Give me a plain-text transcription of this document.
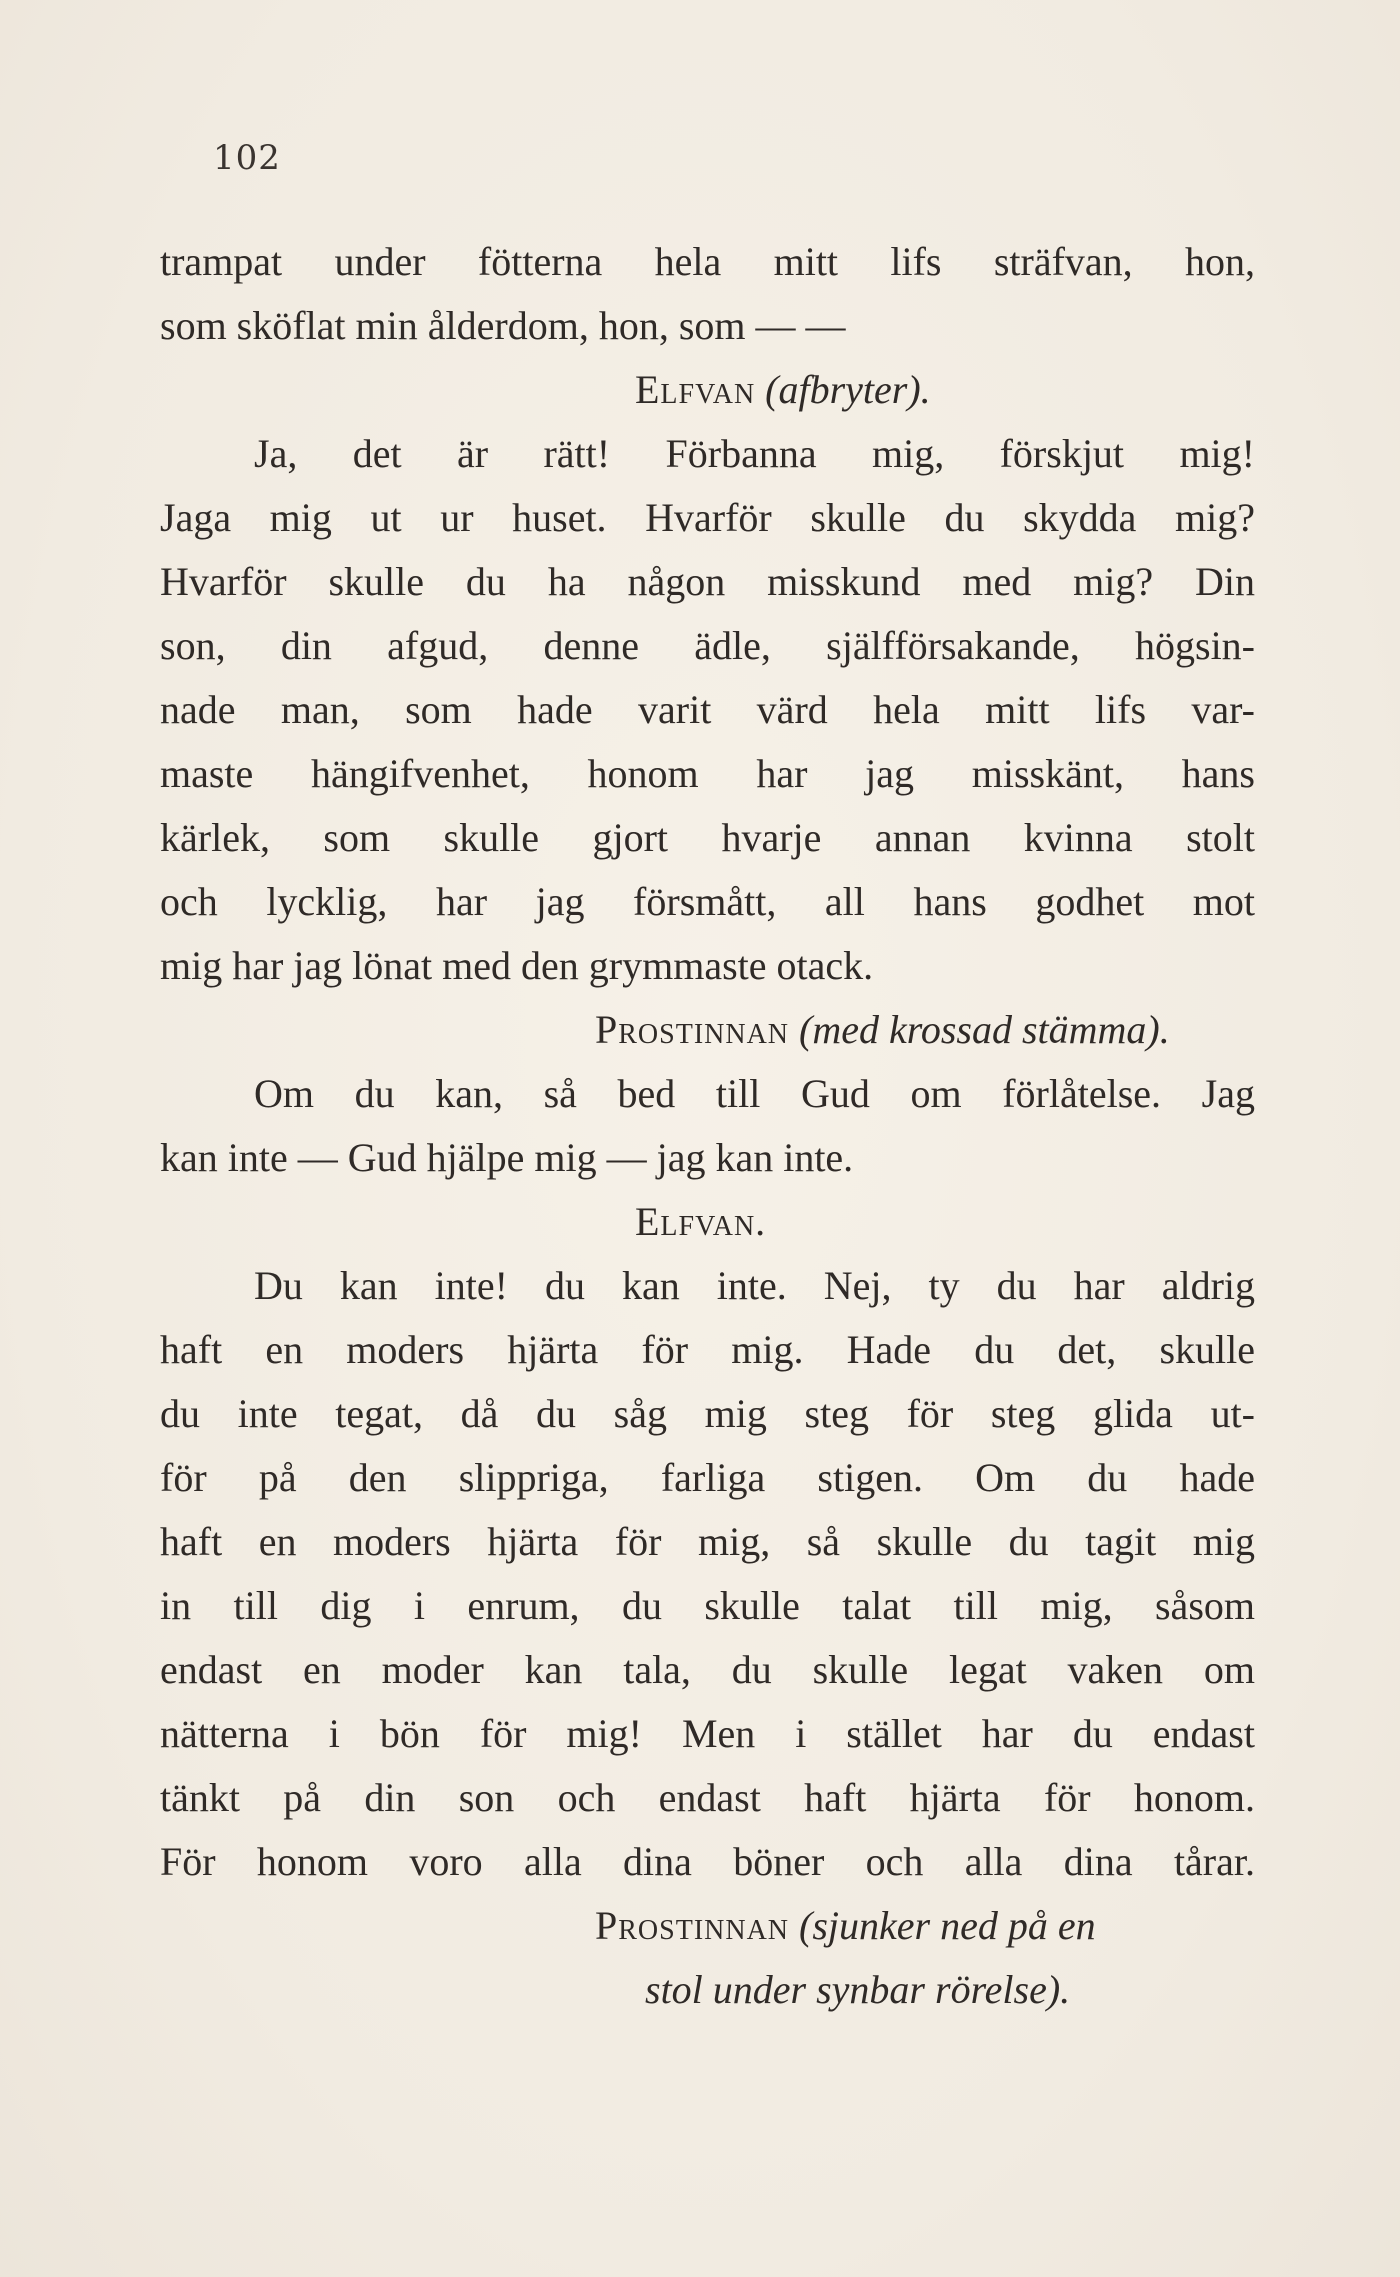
102
trampat under fötterna hela mitt lifs sträfvan, hon,
som sköflat min ålderdom, hon, som — —
Elfvan (afbryter).
Ja, det är rätt! Förbanna mig, förskjut mig!
Jaga mig ut ur huset. Hvarför skulle du skydda mig?
Hvarför skulle du ha någon misskund med mig? Din
son, din afgud, denne ädle, själfförsakande, högsin-
nade man, som hade varit värd hela mitt lifs var-
maste hängifvenhet, honom har jag misskänt, hans
kärlek, som skulle gjort hvarje annan kvinna stolt
och lycklig, har jag försmått, all hans godhet mot
mig har jag lönat med den grymmaste otack.
Prostinnan (med krossad stämma).
Om du kan, så bed till Gud om förlåtelse. Jag
kan inte — Gud hjälpe mig — jag kan inte.
Elfvan.
Du kan inte! du kan inte. Nej, ty du har aldrig
haft en moders hjärta för mig. Hade du det, skulle
du inte tegat, då du såg mig steg för steg glida ut-
för på den slippriga, farliga stigen. Om du hade
haft en moders hjärta för mig, så skulle du tagit mig
in till dig i enrum, du skulle talat till mig, såsom
endast en moder kan tala, du skulle legat vaken om
nätterna i bön för mig! Men i stället har du endast
tänkt på din son och endast haft hjärta för honom.
För honom voro alla dina böner och alla dina tårar.
Prostinnan (sjunker ned på en
stol under synbar rörelse).
